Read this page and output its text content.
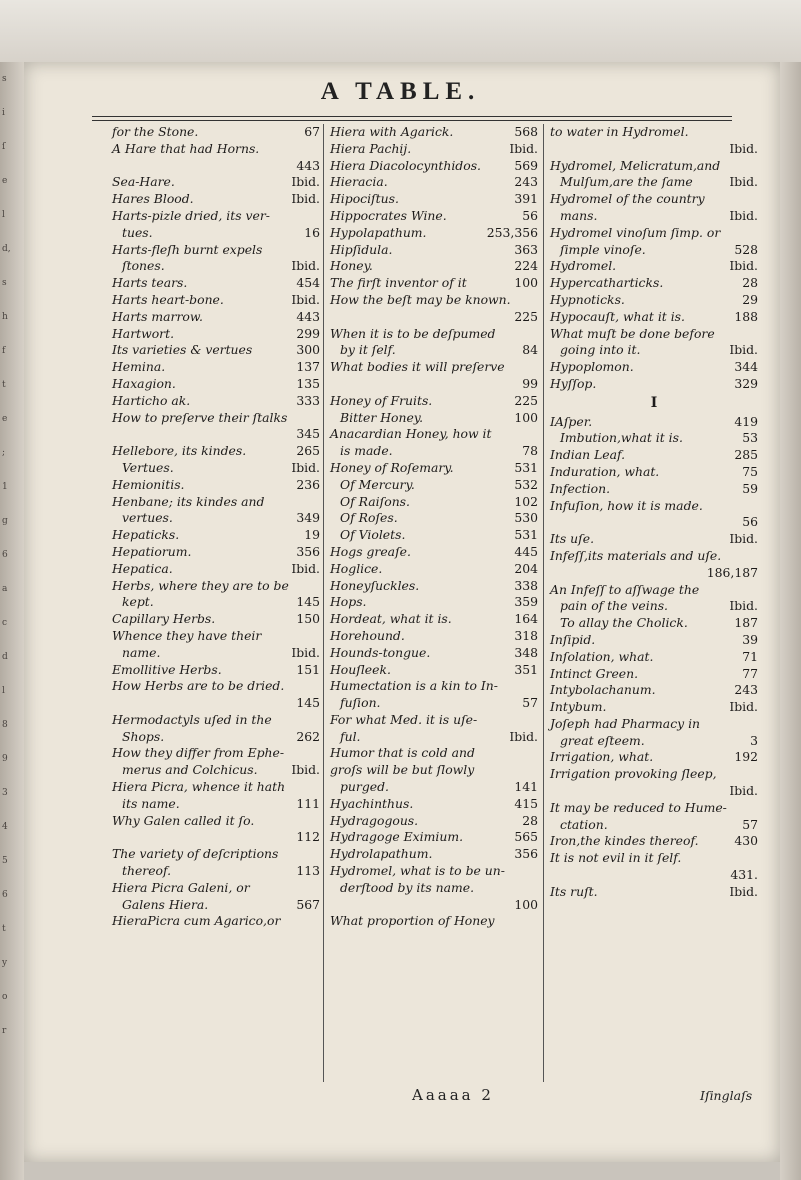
s
i
ſ
e
l
d,
s
h
f
t
e
;
1
g
6
a
c
d
l
8
9
3
4
5
6
t
y
o
r
A TABLE.
67
for the Stone.
A Hare that had Horns.
443

Ibid.
Sea-Hare.
Ibid.
Hares Blood.
Harts-pizle dried, its ver-
16
tues.
Harts-fleſh burnt expels
Ibid.
ſtones.
454
Harts tears.
Ibid.
Harts heart-bone.
443
Harts marrow.
299
Hartwort.
300
Its varieties & vertues
137
Hemina.
135
Haxagion.
333
Harticho ak.
How to preſerve their ſtalks
345

265
Hellebore, its kindes.
Ibid.
Vertues.
236
Hemionitis.
Henbane; its kindes and
349
vertues.
19
Hepaticks.
356
Hepatiorum.
Ibid.
Hepatica.
Herbs, where they are to be
145
kept.
150
Capillary Herbs.
Whence they have their
Ibid.
name.
151
Emollitive Herbs.
How Herbs are to be dried.
145

Hermodactyls uſed in the
262
Shops.
How they differ from Ephe-
Ibid.
merus and Colchicus.
Hiera Picra, whence it hath
111
its name.
Why Galen called it ſo.
112

The variety of deſcriptions
113
thereof.
Hiera Picra Galeni, or
567
Galens Hiera.
HieraPicra cum Agarico,or
568
Hiera with Agarick.
Ibid.
Hiera Pachij.
569
Hiera Diacolocynthidos.
243
Hieracia.
391
Hipociſtus.
56
Hippocrates Wine.
253,356
Hypolapathum.
363
Hipſidula.
224
Honey.
100
The firſt inventor of it
How the beſt may be known.
225

When it is to be deſpumed
84
by it ſelf.
What bodies it will preſerve
99

225
Honey of Fruits.
100
Bitter Honey.
Anacardian Honey, how it
78
is made.
531
Honey of Roſemary.
532
Of Mercury.
102
Of Raiſons.
530
Of Roſes.
531
Of Violets.
445
Hogs greaſe.
204
Hoglice.
338
Honeyſuckles.
359
Hops.
164
Hordeat, what it is.
318
Horehound.
348
Hounds-tongue.
351
Houſleek.
Humectation is a kin to In-
57
fuſion.
For what Med. it is uſe-
Ibid.
ful.
Humor that is cold and
groſs will be but ſlowly
141
purged.
415
Hyachinthus.
28
Hydragogous.
565
Hydragoge Eximium.
356
Hydrolapathum.
Hydromel, what is to be un-
derſtood by its name.
100

What proportion of Honey
to water in Hydromel.
Ibid.

Hydromel, Melicratum,and
Ibid.
Mulſum,are the ſame
Hydromel of the country
Ibid.
mans.
Hydromel vinoſum ſimp. or
528
ſimple vinoſe.
Ibid.
Hydromel.
28
Hypercatharticks.
29
Hypnoticks.
188
Hypocauſt, what it is.
What muſt be done before
Ibid.
going into it.
344
Hypoplomon.
329
Hyſſop.
I
419
IAſper.
53
Imbution,what it is.
285
Indian Leaf.
75
Induration, what.
59
Infection.
Infuſion, how it is made.
56

Ibid.
Its uſe.
Infeſſ,its materials and uſe.
186,187

An Infeſſ to aſſwage the
Ibid.
pain of the veins.
187
To allay the Cholick.
39
Inſipid.
71
Inſolation, what.
77
Intinct Green.
243
Intybolachanum.
Ibid.
Intybum.
Joſeph had Pharmacy in
3
great eſteem.
192
Irrigation, what.
Irrigation provoking ſleep,
Ibid.

It may be reduced to Hume-
57
ctation.
430
Iron,the kindes thereof.
It is not evil in it ſelf.
431.

Ibid.
Its ruſt.
Aaaaa 2	Iſinglaſs
